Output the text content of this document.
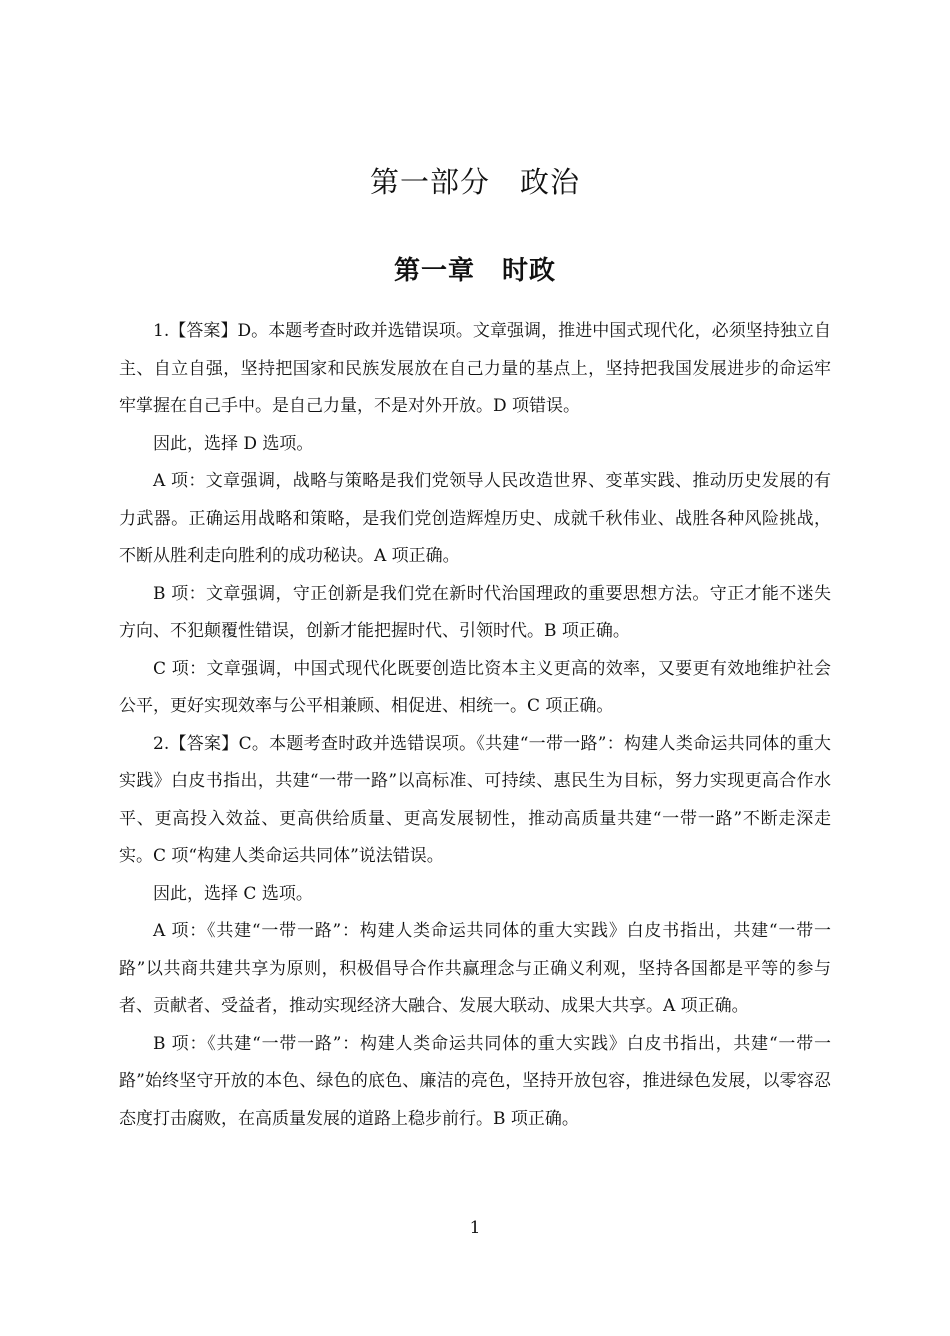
第一部分　政治
第一章　时政

1.【答案】D。本题考查时政并选错误项。文章强调，推进中国式现代化，必须坚持独立自主、自立自强，坚持把国家和民族发展放在自己力量的基点上，坚持把我国发展进步的命运牢牢掌握在自己手中。是自己力量，不是对外开放。D 项错误。

因此，选择 D 选项。

A 项：文章强调，战略与策略是我们党领导人民改造世界、变革实践、推动历史发展的有力武器。正确运用战略和策略，是我们党创造辉煌历史、成就千秋伟业、战胜各种风险挑战，不断从胜利走向胜利的成功秘诀。A 项正确。

B 项：文章强调，守正创新是我们党在新时代治国理政的重要思想方法。守正才能不迷失方向、不犯颠覆性错误，创新才能把握时代、引领时代。B 项正确。

C 项：文章强调，中国式现代化既要创造比资本主义更高的效率，又要更有效地维护社会公平，更好实现效率与公平相兼顾、相促进、相统一。C 项正确。

2.【答案】C。本题考查时政并选错误项。《共建“一带一路”：构建人类命运共同体的重大实践》白皮书指出，共建“一带一路”以高标准、可持续、惠民生为目标，努力实现更高合作水平、更高投入效益、更高供给质量、更高发展韧性，推动高质量共建“一带一路”不断走深走实。C 项“构建人类命运共同体”说法错误。

因此，选择 C 选项。

A 项：《共建“一带一路”：构建人类命运共同体的重大实践》白皮书指出，共建“一带一路”以共商共建共享为原则，积极倡导合作共赢理念与正确义利观，坚持各国都是平等的参与者、贡献者、受益者，推动实现经济大融合、发展大联动、成果大共享。A 项正确。

B 项：《共建“一带一路”：构建人类命运共同体的重大实践》白皮书指出，共建“一带一路”始终坚守开放的本色、绿色的底色、廉洁的亮色，坚持开放包容，推进绿色发展，以零容忍态度打击腐败，在高质量发展的道路上稳步前行。B 项正确。

1
